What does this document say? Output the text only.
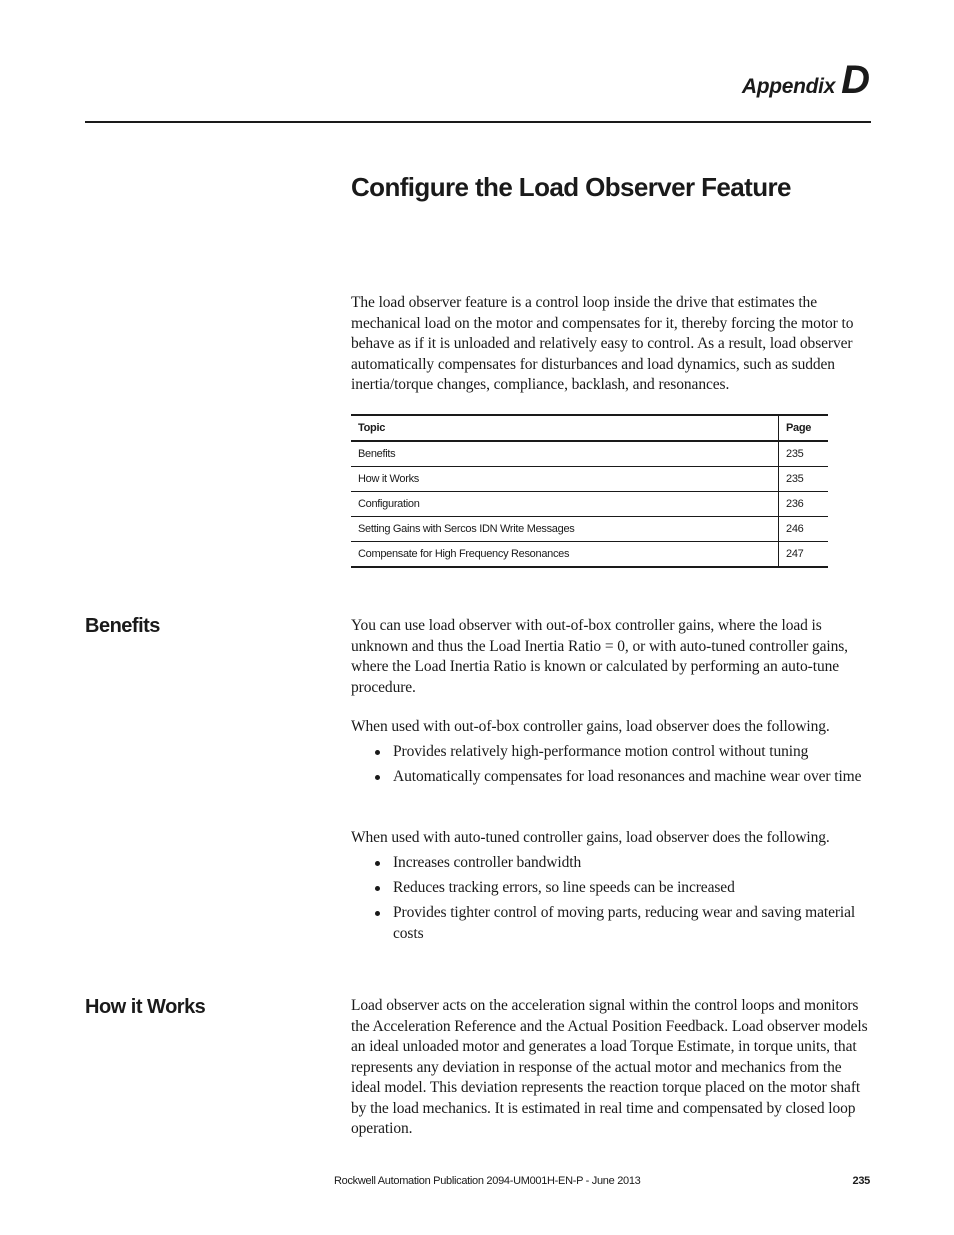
Appendix D
Configure the Load Observer Feature

The load observer feature is a control loop inside the drive that estimates the mechanical load on the motor and compensates for it, thereby forcing the motor to behave as if it is unloaded and relatively easy to control. As a result, load observer automatically compensates for disturbances and load dynamics, such as sudden inertia/torque changes, compliance, backlash, and resonances.

Topic	Page
Benefits	235
How it Works	235
Configuration	236
Setting Gains with Sercos IDN Write Messages	246
Compensate for High Frequency Resonances	247
Benefits	You can use load observer with out-of-box controller gains, where the load is unknown and thus the Load Inertia Ratio = 0, or with auto-tuned controller gains, where the Load Inertia Ratio is known or calculated by performing an auto-tune procedure.

When used with out-of-box controller gains, load observer does the following.

Provides relatively high-performance motion control without tuning
Automatically compensates for load resonances and machine wear over time

When used with auto-tuned controller gains, load observer does the following.

Increases controller bandwidth
Reduces tracking errors, so line speeds can be increased
Provides tighter control of moving parts, reducing wear and saving material costs
How it Works	Load observer acts on the acceleration signal within the control loops and monitors the Acceleration Reference and the Actual Position Feedback. Load observer models an ideal unloaded motor and generates a load Torque Estimate, in torque units, that represents any deviation in response of the actual motor and mechanics from the ideal model. This deviation represents the reaction torque placed on the motor shaft by the load mechanics. It is estimated in real time and compensated by closed loop operation.

Rockwell Automation Publication 2094-UM001H-EN-P - June 2013	235
